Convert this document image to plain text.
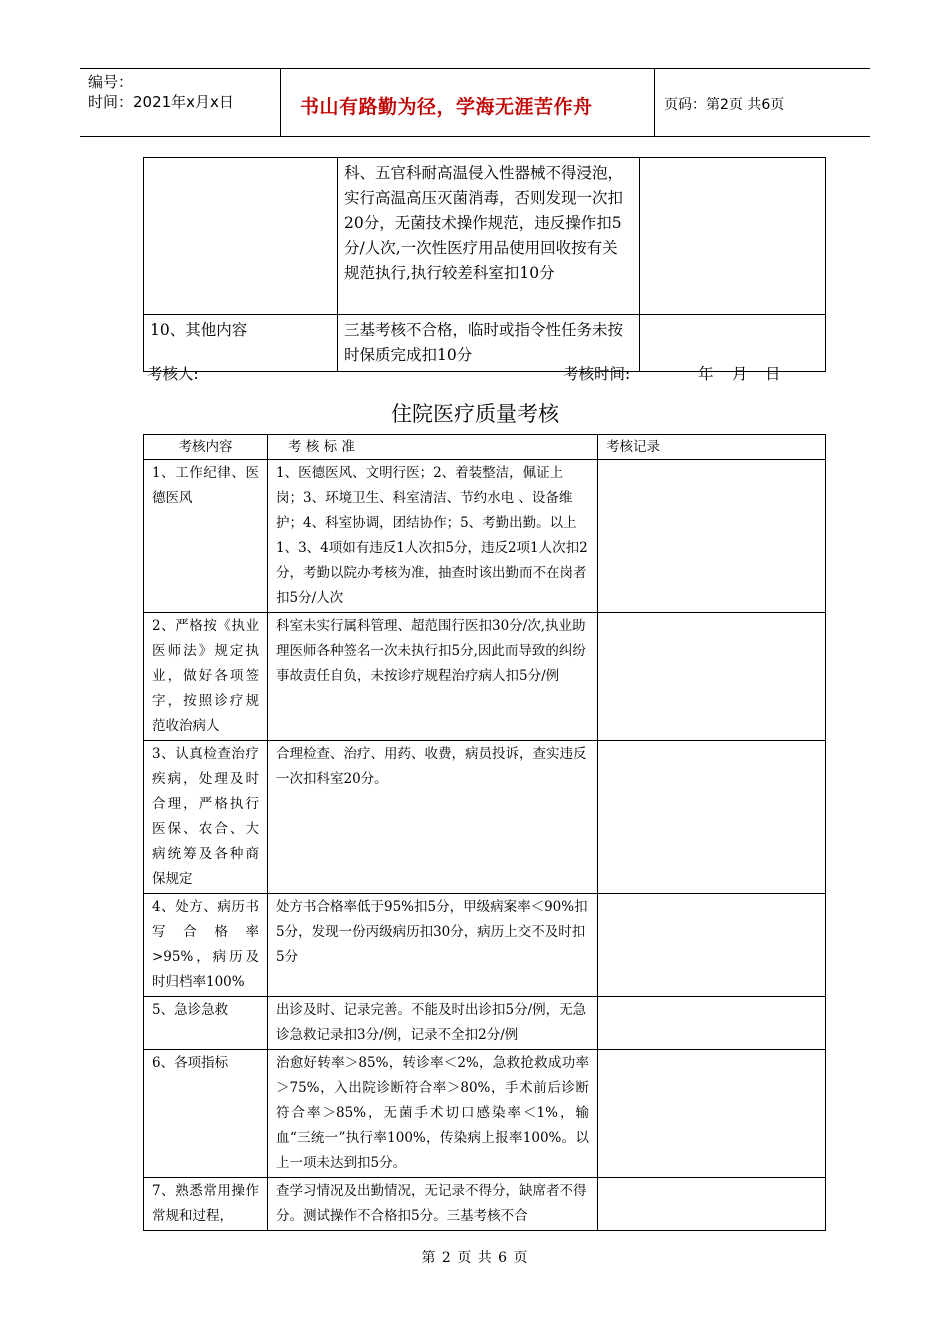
编号：
时间：2021年x月x日	书山有路勤为径，学海无涯苦作舟	页码：第2页 共6页
	科、五官科耐高温侵入性器械不得浸泡，实行高温高压灭菌消毒，否则发现一次扣20分，无菌技术操作规范，违反操作扣5分/人次,一次性医疗用品使用回收按有关规范执行,执行较差科室扣10分	
10、其他内容	三基考核不合格，临时或指令性任务未按时保质完成扣10分	
考核人:	考核时间:	年 月 日
住院医疗质量考核
考核内容	考 核 标 准	考核记录
1、工作纪律、医德医风	1、医德医风、文明行医；2、着装整洁，佩证上岗；3、环境卫生、科室清洁、节约水电 、设备维护；4、科室协调，团结协作；5、考勤出勤。以上1、3、4项如有违反1人次扣5分，违反2项1人次扣2分，考勤以院办考核为准，抽查时该出勤而不在岗者扣5分/人次	
2、严格按《执业医师法》规定执业，做好各项签字，按照诊疗规范收治病人	科室未实行属科管理、超范围行医扣30分/次,执业助理医师各种签名一次未执行扣5分,因此而导致的纠纷事故责任自负，未按诊疗规程治疗病人扣5分/例	
3、认真检查治疗疾病，处理及时合理，严格执行医保、农合、大病统筹及各种商保规定	合理检查、治疗、用药、收费，病员投诉，查实违反一次扣科室20分。	
4、处方、病历书写合格率>95%，病历及时归档率100%	处方书合格率低于95%扣5分，甲级病案率＜90%扣5分，发现一份丙级病历扣30分，病历上交不及时扣5分	
5、急诊急救	出诊及时、记录完善。不能及时出诊扣5分/例，无急诊急救记录扣3分/例，记录不全扣2分/例	
6、各项指标	治愈好转率＞85%，转诊率＜2%，急救抢救成功率＞75%，入出院诊断符合率＞80%，手术前后诊断符合率＞85%，无菌手术切口感染率＜1%，输血“三统一”执行率100%，传染病上报率100%。以上一项未达到扣5分。	
7、熟悉常用操作常规和过程，	查学习情况及出勤情况，无记录不得分，缺席者不得分。测试操作不合格扣5分。三基考核不合	
第 2 页 共 6 页
